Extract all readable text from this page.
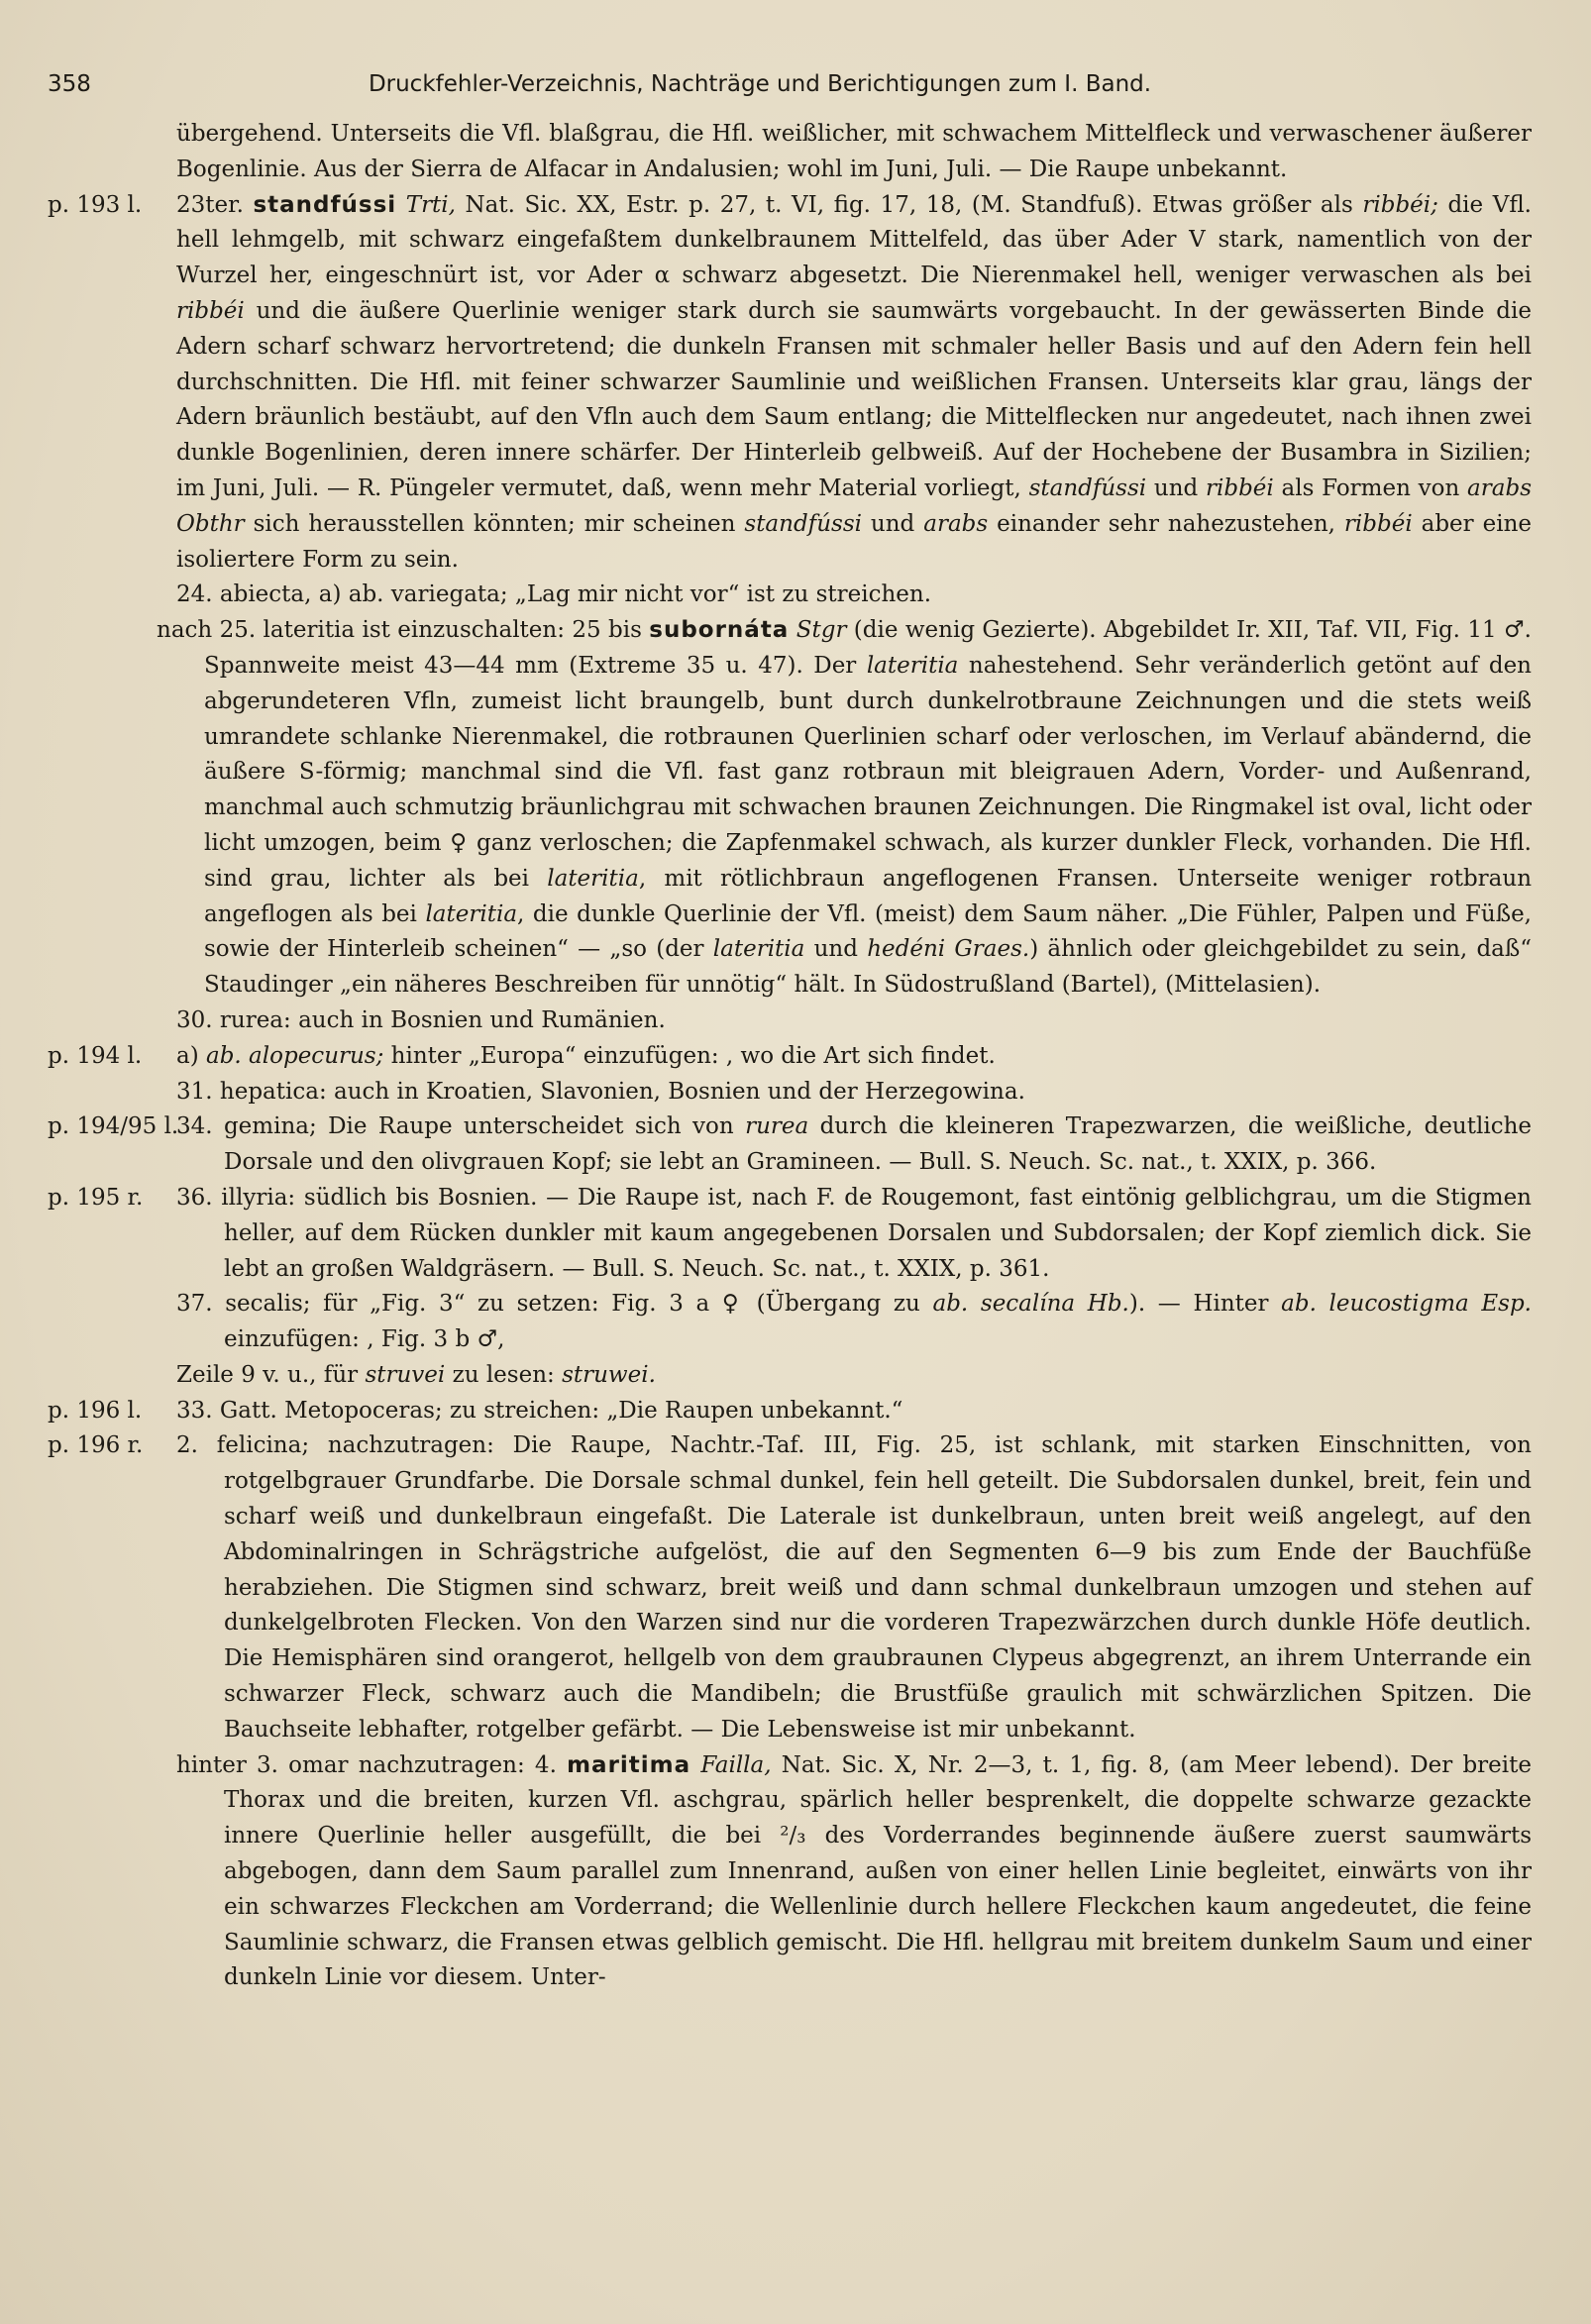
358	Druckfehler-Verzeichnis, Nachträge und Berichtigungen zum I. Band.
übergehend. Unterseits die Vfl. blaßgrau, die Hfl. weißlicher, mit schwachem Mittelfleck und verwaschener äußerer Bogenlinie. Aus der Sierra de Alfacar in Andalusien; wohl im Juni, Juli. — Die Raupe unbekannt.
p. 193 l.	23ter. standfússi Trti, Nat. Sic. XX, Estr. p. 27, t. VI, fig. 17, 18, (M. Standfuß). Etwas größer als ribbéi; die Vfl. hell lehmgelb, mit schwarz eingefaßtem dunkelbraunem Mittelfeld, das über Ader V stark, namentlich von der Wurzel her, eingeschnürt ist, vor Ader α schwarz abgesetzt. Die Nierenmakel hell, weniger verwaschen als bei ribbéi und die äußere Querlinie weniger stark durch sie saumwärts vorgebaucht. In der gewässerten Binde die Adern scharf schwarz hervortretend; die dunkeln Fransen mit schmaler heller Basis und auf den Adern fein hell durchschnitten. Die Hfl. mit feiner schwarzer Saumlinie und weißlichen Fransen. Unterseits klar grau, längs der Adern bräunlich bestäubt, auf den Vfln auch dem Saum entlang; die Mittelflecken nur angedeutet, nach ihnen zwei dunkle Bogenlinien, deren innere schärfer. Der Hinterleib gelbweiß. Auf der Hochebene der Busambra in Sizilien; im Juni, Juli. — R. Püngeler vermutet, daß, wenn mehr Material vorliegt, standfússi und ribbéi als Formen von arabs Obthr sich herausstellen könnten; mir scheinen standfússi und arabs einander sehr nahezustehen, ribbéi aber eine isoliertere Form zu sein.
24. abiecta, a) ab. variegata; „Lag mir nicht vor“ ist zu streichen.
nach 25. lateritia ist einzuschalten: 25 bis subornáta Stgr (die wenig Gezierte). Abgebildet Ir. XII, Taf. VII, Fig. 11 ♂. Spannweite meist 43—44 mm (Extreme 35 u. 47). Der lateritia nahestehend. Sehr veränderlich getönt auf den abgerundeteren Vfln, zumeist licht braungelb, bunt durch dunkelrotbraune Zeichnungen und die stets weiß umrandete schlanke Nierenmakel, die rotbraunen Querlinien scharf oder verloschen, im Verlauf abändernd, die äußere S-förmig; manchmal sind die Vfl. fast ganz rotbraun mit bleigrauen Adern, Vorder- und Außenrand, manchmal auch schmutzig bräunlichgrau mit schwachen braunen Zeichnungen. Die Ringmakel ist oval, licht oder licht umzogen, beim ♀ ganz verloschen; die Zapfenmakel schwach, als kurzer dunkler Fleck, vorhanden. Die Hfl. sind grau, lichter als bei lateritia, mit rötlichbraun angeflogenen Fransen. Unterseite weniger rotbraun angeflogen als bei lateritia, die dunkle Querlinie der Vfl. (meist) dem Saum näher. „Die Fühler, Palpen und Füße, sowie der Hinterleib scheinen“ — „so (der lateritia und hedéni Graes.) ähnlich oder gleichgebildet zu sein, daß“ Staudinger „ein näheres Beschreiben für unnötig“ hält. In Südostrußland (Bartel), (Mittelasien).
30. rurea: auch in Bosnien und Rumänien.
p. 194 l.	a) ab. alopecurus; hinter „Europa“ einzufügen: , wo die Art sich findet.
31. hepatica: auch in Kroatien, Slavonien, Bosnien und der Herzegowina.
p. 194/95 l.
34. gemina; Die Raupe unterscheidet sich von rurea durch die kleineren Trapezwarzen, die weißliche, deutliche Dorsale und den olivgrauen Kopf; sie lebt an Gramineen. — Bull. S. Neuch. Sc. nat., t. XXIX, p. 366.
p. 195 r.	36. illyria: südlich bis Bosnien. — Die Raupe ist, nach F. de Rougemont, fast eintönig gelblichgrau, um die Stigmen heller, auf dem Rücken dunkler mit kaum angegebenen Dorsalen und Subdorsalen; der Kopf ziemlich dick. Sie lebt an großen Waldgräsern. — Bull. S. Neuch. Sc. nat., t. XXIX, p. 361.
37. secalis; für „Fig. 3“ zu setzen: Fig. 3 a ♀ (Übergang zu ab. secalína Hb.). — Hinter ab. leucostigma Esp. einzufügen: , Fig. 3 b ♂,
Zeile 9 v. u., für struvei zu lesen: struwei.
p. 196 l.	33. Gatt. Metopoceras; zu streichen: „Die Raupen unbekannt.“
p. 196 r.	2. felicina; nachzutragen: Die Raupe, Nachtr.-Taf. III, Fig. 25, ist schlank, mit starken Einschnitten, von rotgelbgrauer Grundfarbe. Die Dorsale schmal dunkel, fein hell geteilt. Die Subdorsalen dunkel, breit, fein und scharf weiß und dunkelbraun eingefaßt. Die Laterale ist dunkelbraun, unten breit weiß angelegt, auf den Abdominalringen in Schrägstriche aufgelöst, die auf den Segmenten 6—9 bis zum Ende der Bauchfüße herabziehen. Die Stigmen sind schwarz, breit weiß und dann schmal dunkelbraun umzogen und stehen auf dunkelgelbroten Flecken. Von den Warzen sind nur die vorderen Trapezwärzchen durch dunkle Höfe deutlich. Die Hemisphären sind orangerot, hellgelb von dem graubraunen Clypeus abgegrenzt, an ihrem Unterrande ein schwarzer Fleck, schwarz auch die Mandibeln; die Brustfüße graulich mit schwärzlichen Spitzen. Die Bauchseite lebhafter, rotgelber gefärbt. — Die Lebensweise ist mir unbekannt.
hinter 3. omar nachzutragen: 4. maritima Failla, Nat. Sic. X, Nr. 2—3, t. 1, fig. 8, (am Meer lebend). Der breite Thorax und die breiten, kurzen Vfl. aschgrau, spärlich heller besprenkelt, die doppelte schwarze gezackte innere Querlinie heller ausgefüllt, die bei ²/₃ des Vorderrandes beginnende äußere zuerst saumwärts abgebogen, dann dem Saum parallel zum Innenrand, außen von einer hellen Linie begleitet, einwärts von ihr ein schwarzes Fleckchen am Vorderrand; die Wellenlinie durch hellere Fleckchen kaum angedeutet, die feine Saumlinie schwarz, die Fransen etwas gelblich gemischt. Die Hfl. hellgrau mit breitem dunkelm Saum und einer dunkeln Linie vor diesem. Unter-
